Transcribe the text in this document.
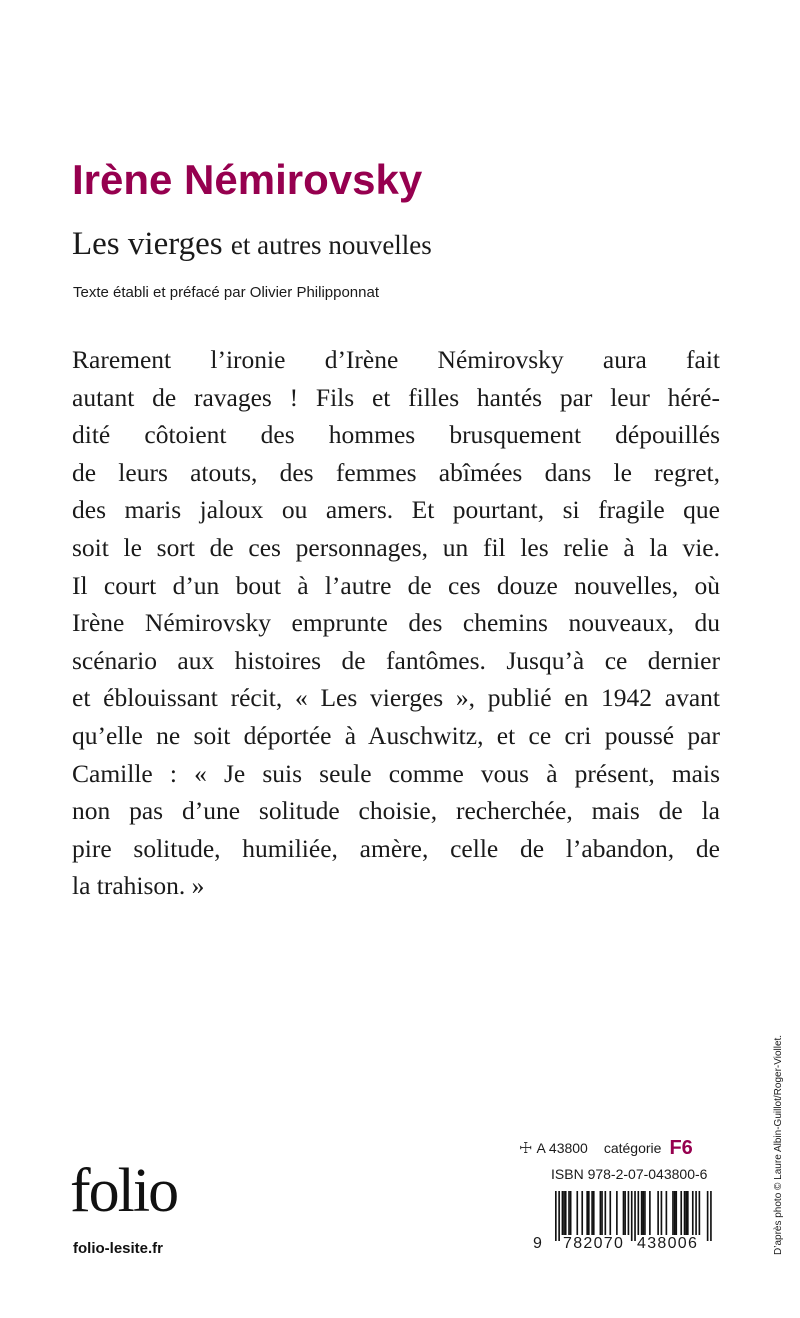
Irène Némirovsky
Les vierges et autres nouvelles
Texte établi et préfacé par Olivier Philipponnat
Rarement l’ironie d’Irène Némirovsky aura fait
autant de ravages ! Fils et filles hantés par leur héré-
dité côtoient des hommes brusquement dépouillés
de leurs atouts, des femmes abîmées dans le regret,
des maris jaloux ou amers. Et pourtant, si fragile que
soit le sort de ces personnages, un fil les relie à la vie.
Il court d’un bout à l’autre de ces douze nouvelles, où
Irène Némirovsky emprunte des chemins nouveaux, du
scénario aux histoires de fantômes. Jusqu’à ce dernier
et éblouissant récit, « Les vierges », publié en 1942 avant
qu’elle ne soit déportée à Auschwitz, et ce cri poussé par
Camille : « Je suis seule comme vous à présent, mais
non pas d’une solitude choisie, recherchée, mais de la
pire solitude, humiliée, amère, celle de l’abandon, de
la trahison. »
folio
folio-lesite.fr
☩ A 43800 catégorie F6
ISBN 978-2-07-043800-6
9 782070 438006	D’après photo © Laure Albin-Guillot/Roger-Viollet.
